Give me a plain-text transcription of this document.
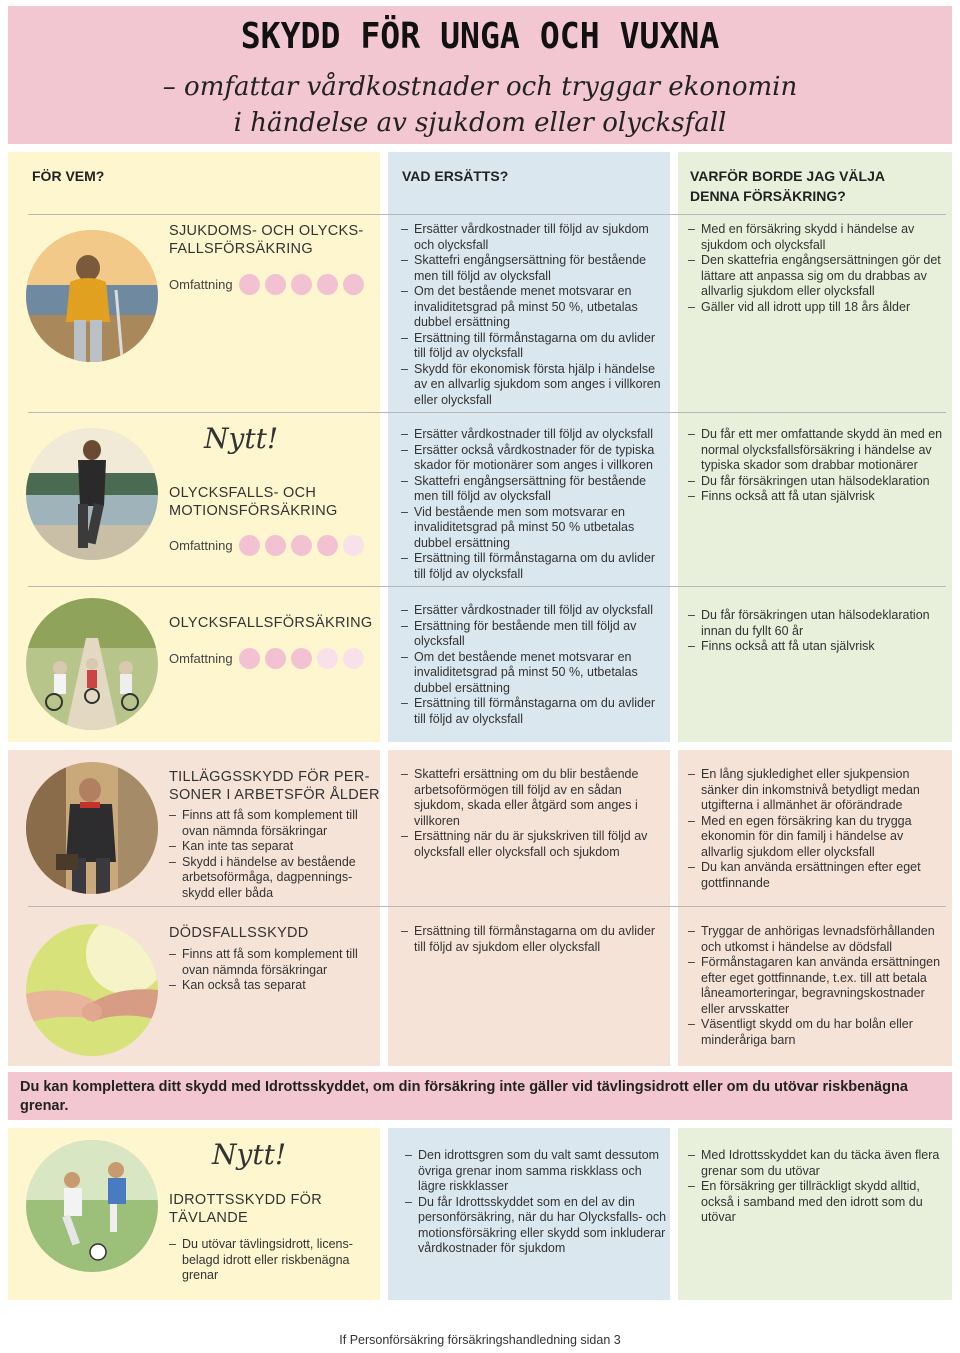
SKYDD FÖR UNGA OCH VUXNA
– omfattar vårdkostnader och tryggar ekonomin
i händelse av sjukdom eller olycksfall
FÖR VEM?	VAD ERSÄTTS?	VARFÖR BORDE JAG VÄLJA
DENNA FÖRSÄKRING?
SJUKDOMS- OCH OLYCKS-
FALLSFÖRSÄKRING
Omfattning
– Ersätter vårdkostnader till följd av sjukdom och olycksfall
– Skattefri engångsersättning för bestående men till följd av olycksfall
– Om det bestående menet motsvarar en invaliditetsgrad på minst 50 %, utbetalas dubbel ersättning
– Ersättning till förmånstagarna om du avlider till följd av olycksfall
– Skydd för ekonomisk första hjälp i händelse av en allvarlig sjukdom som anges i villkoren eller olycksfall
– Med en försäkring skydd i händelse av sjukdom och olycksfall
– Den skattefria engångsersättningen gör det lättare att anpassa sig om du drabbas av allvarlig sjukdom eller olycksfall
– Gäller vid all idrott upp till 18 års ålder
Nytt!
OLYCKSFALLS- OCH
MOTIONSFÖRSÄKRING
Omfattning
– Ersätter vårdkostnader till följd av olycksfall
– Ersätter också vårdkostnader för de typiska skador för motionärer som anges i villkoren
– Skattefri engångsersättning för bestående men till följd av olycksfall
– Vid bestående men som motsvarar en invaliditetsgrad på minst 50 % utbetalas dubbel ersättning
– Ersättning till förmånstagarna om du avlider till följd av olycksfall
– Du får ett mer omfattande skydd än med en normal olycksfallsförsäkring i händelse av typiska skador som drabbar motionärer
– Du får försäkringen utan hälsodeklaration
– Finns också att få utan självrisk
OLYCKSFALLSFÖRSÄKRING
Omfattning
– Ersätter vårdkostnader till följd av olycksfall
– Ersättning för bestående men till följd av olycksfall
– Om det bestående menet motsvarar en invaliditetsgrad på minst 50 %, utbetalas dubbel ersättning
– Ersättning till förmånstagarna om du avlider till följd av olycksfall
– Du får försäkringen utan hälsodeklaration innan du fyllt 60 år
– Finns också att få utan självrisk
TILLÄGGSSKYDD FÖR PER-
SONER I ARBETSFÖR ÅLDER
– Finns att få som komplement till ovan nämnda försäkringar
– Kan inte tas separat
– Skydd i händelse av bestående arbetsoförmåga, dagpennings-skydd eller båda
– Skattefri ersättning om du blir bestående arbetsoförmögen till följd av en sådan sjukdom, skada eller åtgärd som anges i villkoren
– Ersättning när du är sjukskriven till följd av olycksfall eller olycksfall och sjukdom
– En lång sjukledighet eller sjukpension sänker din inkomstnivå betydligt medan utgifterna i allmänhet är oförändrade
– Med en egen försäkring kan du trygga ekonomin för din familj i händelse av allvarlig sjukdom eller olycksfall
– Du kan använda ersättningen efter eget gottfinnande
DÖDSFALLSSKYDD
– Finns att få som komplement till ovan nämnda försäkringar
– Kan också tas separat
– Ersättning till förmånstagarna om du avlider till följd av sjukdom eller olycksfall
– Tryggar de anhörigas levnadsförhållanden och utkomst i händelse av dödsfall
– Förmånstagaren kan använda ersättningen efter eget gottfinnande, t.ex. till att betala låneamorteringar, begravningskostnader eller arvsskatter
– Väsentligt skydd om du har bolån eller minderåriga barn

Du kan komplettera ditt skydd med Idrottsskyddet, om din försäkring inte gäller vid tävlingsidrott eller om du utövar riskbenägna grenar.

Nytt!
IDROTTSSKYDD FÖR
TÄVLANDE
– Du utövar tävlingsidrott, licens-belagd idrott eller riskbenägna grenar
– Den idrottsgren som du valt samt dessutom övriga grenar inom samma riskklass och lägre riskklasser
– Du får Idrottsskyddet som en del av din personförsäkring, när du har Olycksfalls- och motionsförsäkring eller skydd som inkluderar vårdkostnader för sjukdom
– Med Idrottsskyddet kan du täcka även flera grenar som du utövar
– En försäkring ger tillräckligt skydd alltid, också i samband med den idrott som du utövar
If Personförsäkring försäkringshandledning sidan 3
